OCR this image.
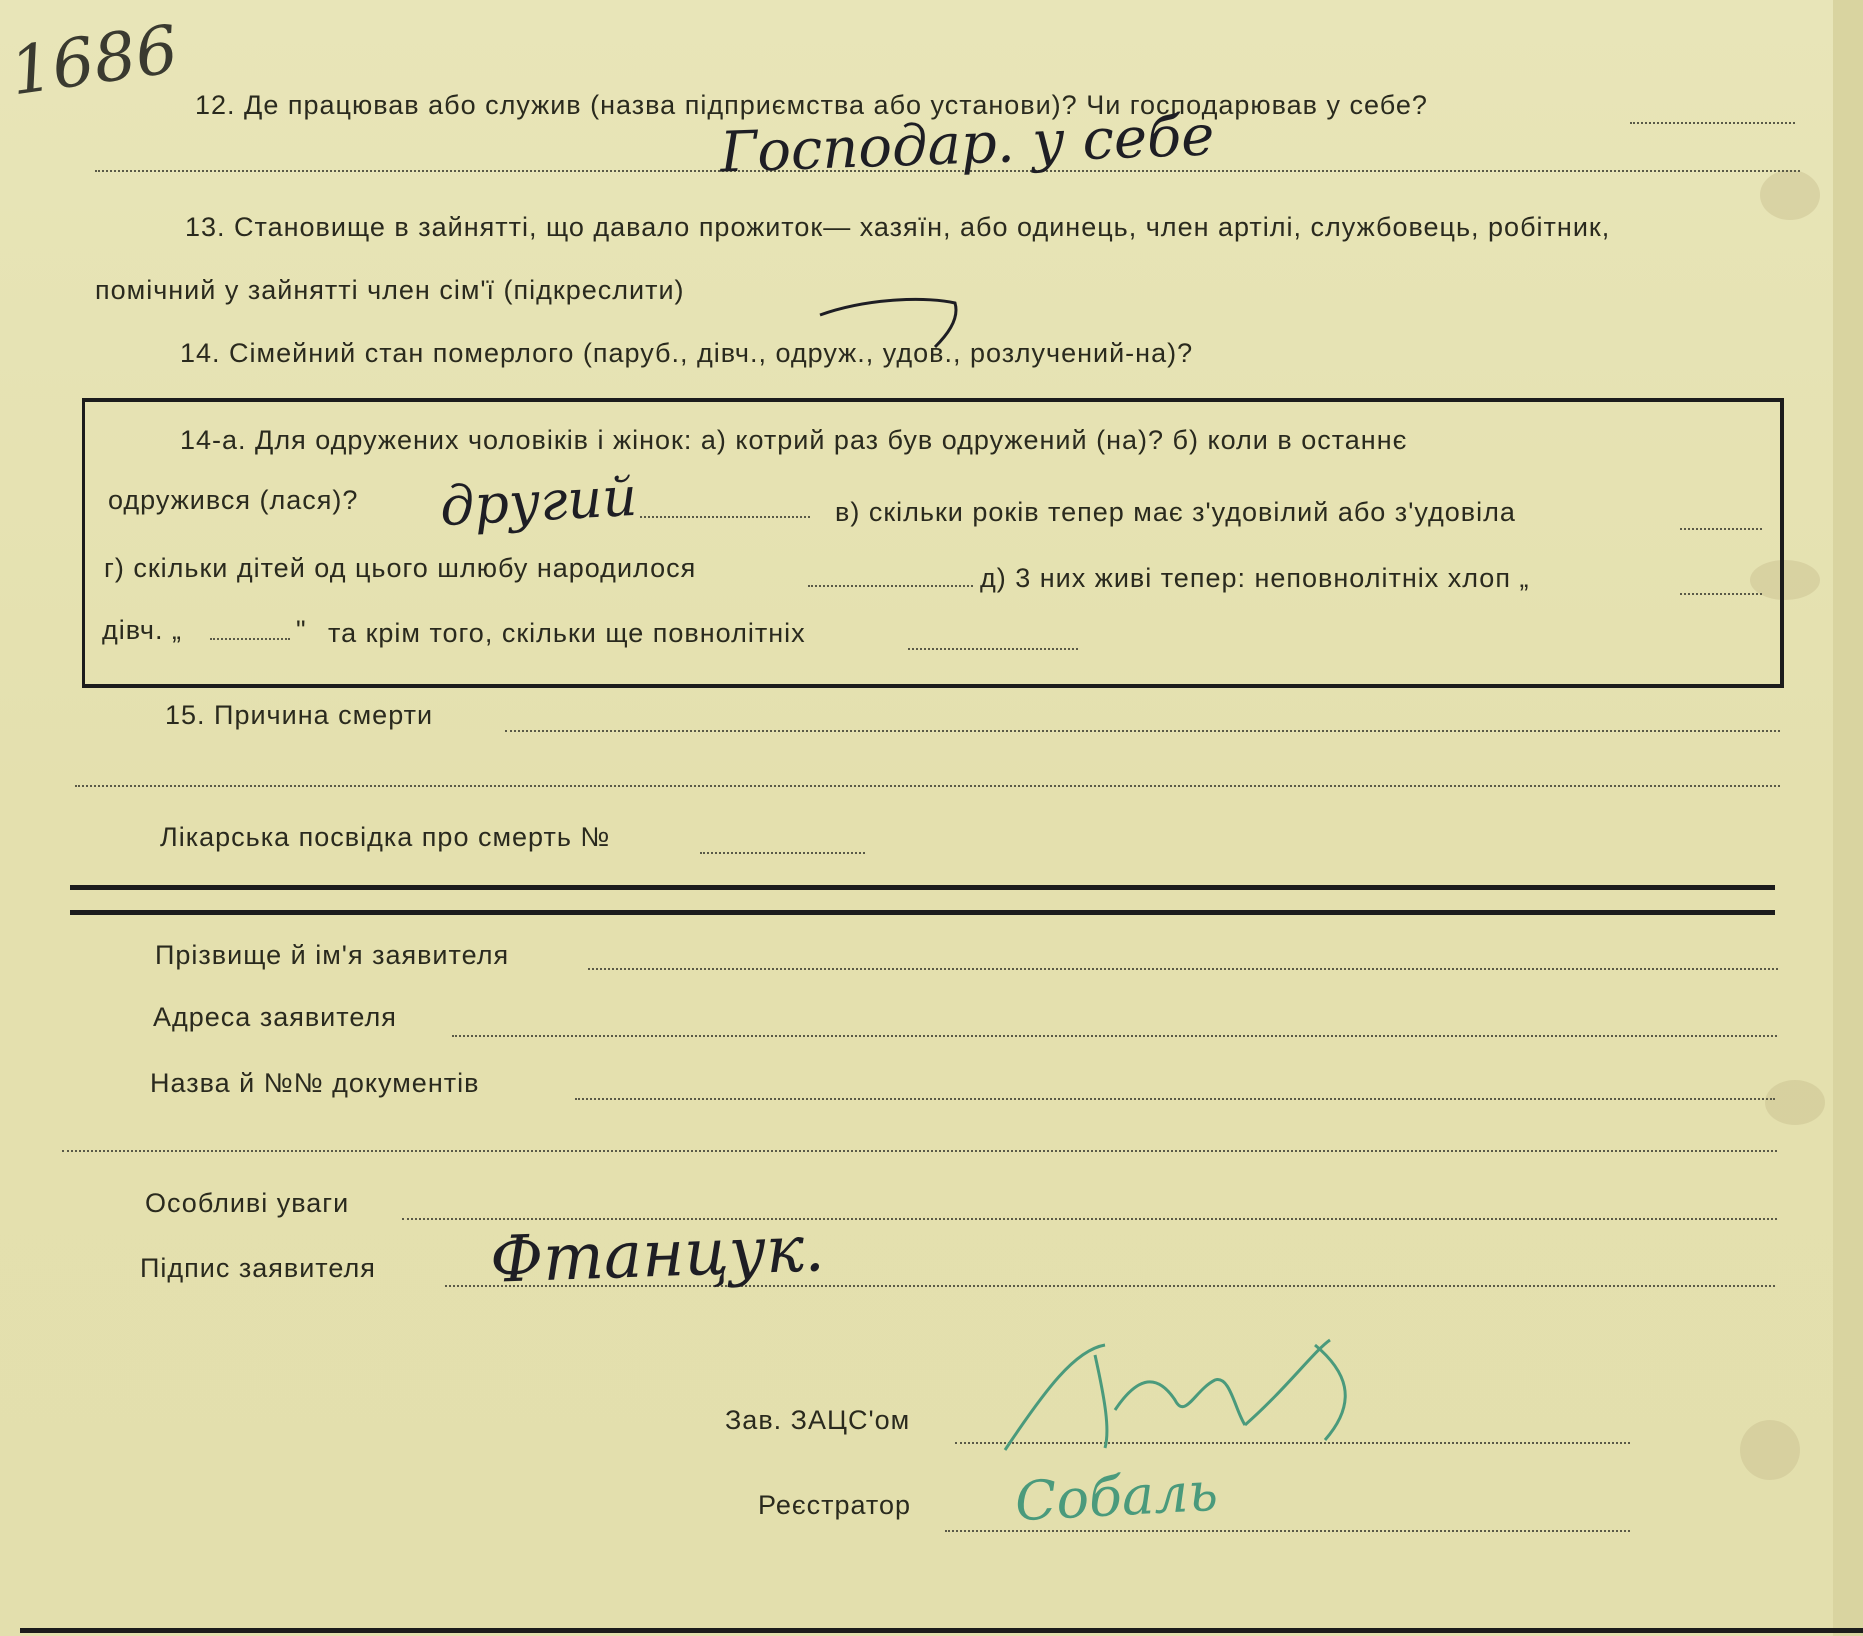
1686 12. Де працював або служив (назва підприємства або установи)? Чи господарював у себе?
Господар. у себе
13. Становище в зайнятті, що давало прожиток— хазяїн, або одинець, член артілі, службовець, робітник,
помічний у зайнятті член сім'ї (підкреслити)
14. Сімейний стан померлого (паруб., дівч., одруж., удов., розлучений-на)?
14-а. Для одружених чоловіків і жінок: а) котрий раз був одружений (на)? б) коли в останнє
одружився (лася)? другий	в) скільки років тепер має з'удовілий або з'удовіла
г) скільки дітей од цього шлюбу народилося	д) 3 них живі тепер: неповнолітніх хлоп „
дівч. „	" та крім того, скільки ще повнолітніх
15. Причина смерти
Лікарська посвідка про смерть №
Прізвище й ім'я заявителя
Адреса заявителя
Назва й №№ документів
Особливі уваги
Підпис заявителя Фтанцук.
Зав. ЗАЦС'ом
Реєстратор Собаль
